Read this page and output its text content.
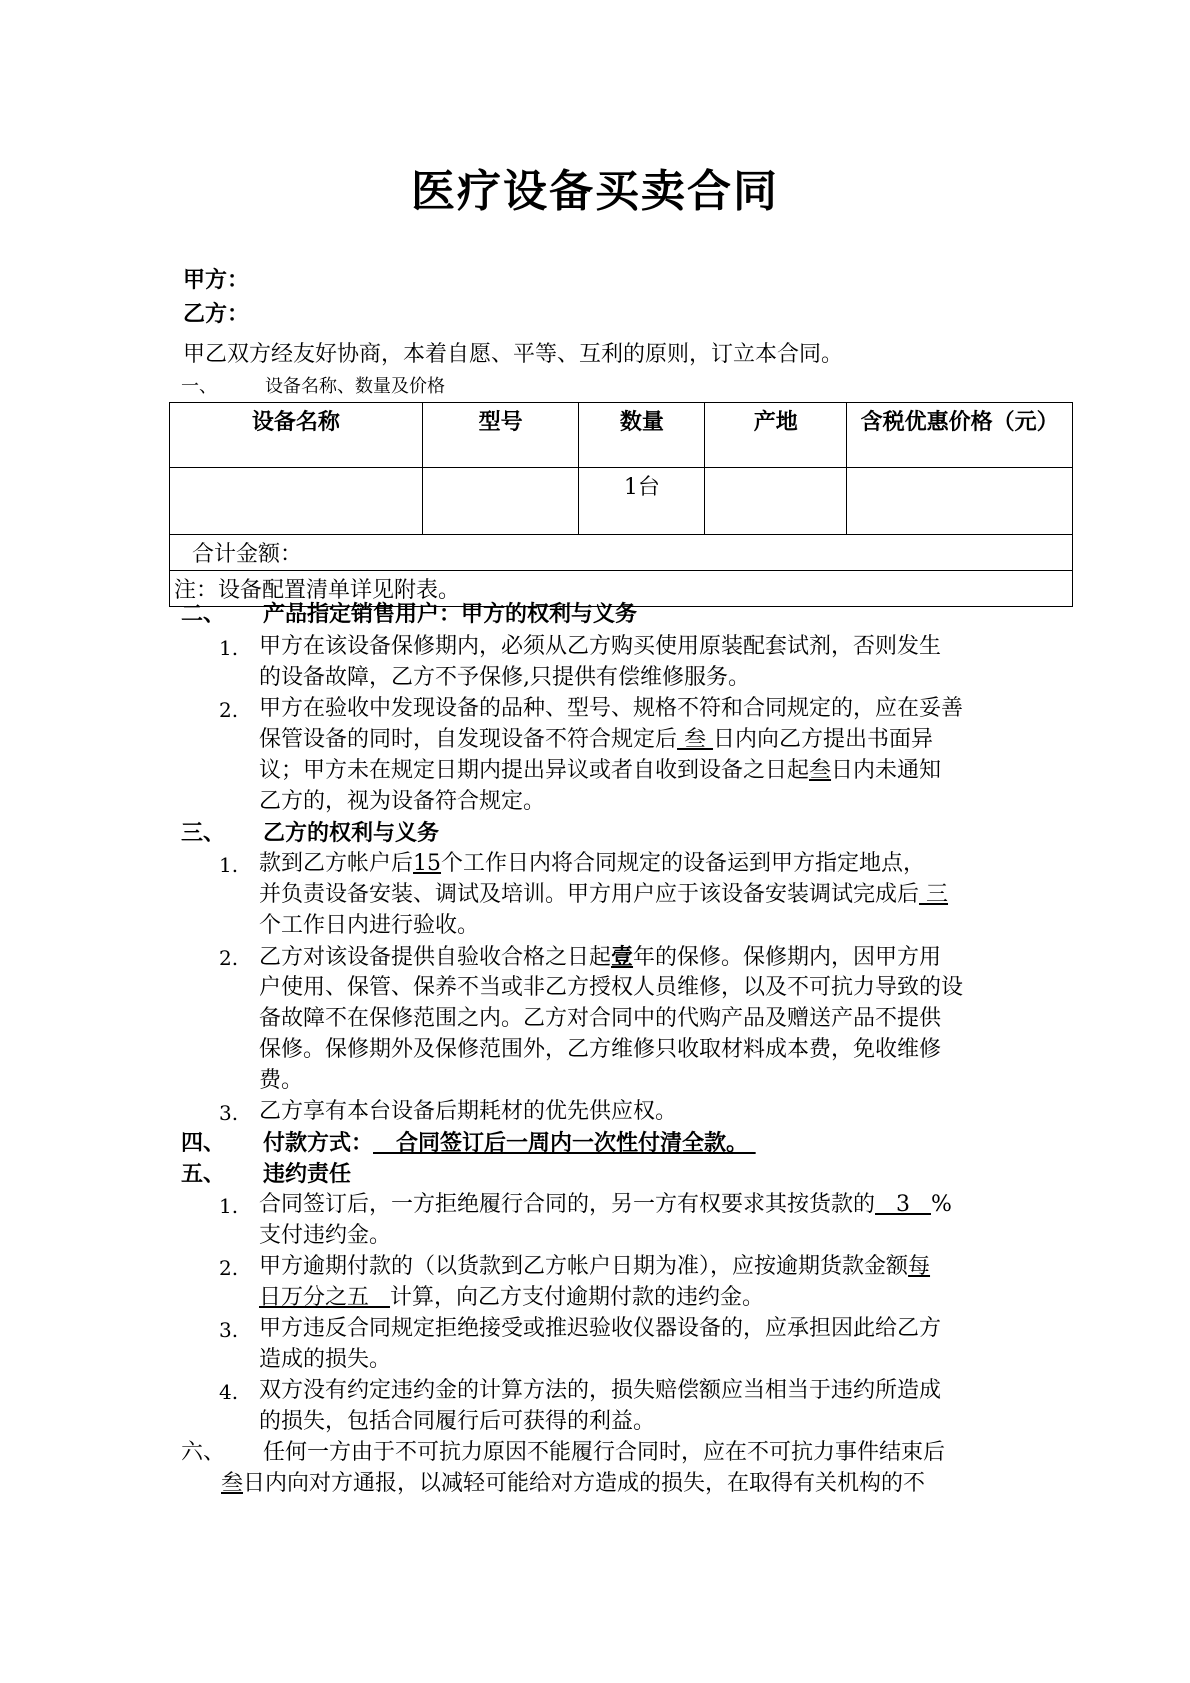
医疗设备买卖合同
甲方：
乙方：
甲乙双方经友好协商，本着自愿、平等、互利的原则，订立本合同。
一、	设备名称、数量及价格
设备名称	型号	数量	产地	含税优惠价格（元）
		1台		
合计金额：				
注：设备配置清单详见附表。				
二、 产品指定销售用户：甲方的权利与义务
1. 甲方在该设备保修期内，必须从乙方购买使用原装配套试剂，否则发生
的设备故障，乙方不予保修,只提供有偿维修服务。
2. 甲方在验收中发现设备的品种、型号、规格不符和合同规定的，应在妥善
保管设备的同时，自发现设备不符合规定后 叁 日内向乙方提出书面异
议；甲方未在规定日期内提出异议或者自收到设备之日起叁日内未通知
乙方的，视为设备符合规定。
三、 乙方的权利与义务
1. 款到乙方帐户后15个工作日内将合同规定的设备运到甲方指定地点，
并负责设备安装、调试及培训。甲方用户应于该设备安装调试完成后 三
个工作日内进行验收。
2. 乙方对该设备提供自验收合格之日起壹年的保修。保修期内，因甲方用
户使用、保管、保养不当或非乙方授权人员维修，以及不可抗力导致的设
备故障不在保修范围之内。乙方对合同中的代购产品及赠送产品不提供
保修。保修期外及保修范围外，乙方维修只收取材料成本费，免收维修
费。
3. 乙方享有本台设备后期耗材的优先供应权。
四、 付款方式：   合同签订后一周内一次性付清全款。
五、 违约责任
1. 合同签订后，一方拒绝履行合同的，另一方有权要求其按货款的   3   %
支付违约金。
2. 甲方逾期付款的（以货款到乙方帐户日期为准），应按逾期货款金额每
日万分之五   计算，向乙方支付逾期付款的违约金。
3. 甲方违反合同规定拒绝接受或推迟验收仪器设备的，应承担因此给乙方
造成的损失。
4. 双方没有约定违约金的计算方法的，损失赔偿额应当相当于违约所造成
的损失，包括合同履行后可获得的利益。
六、 任何一方由于不可抗力原因不能履行合同时，应在不可抗力事件结束后
叁日内向对方通报，以减轻可能给对方造成的损失，在取得有关机构的不
